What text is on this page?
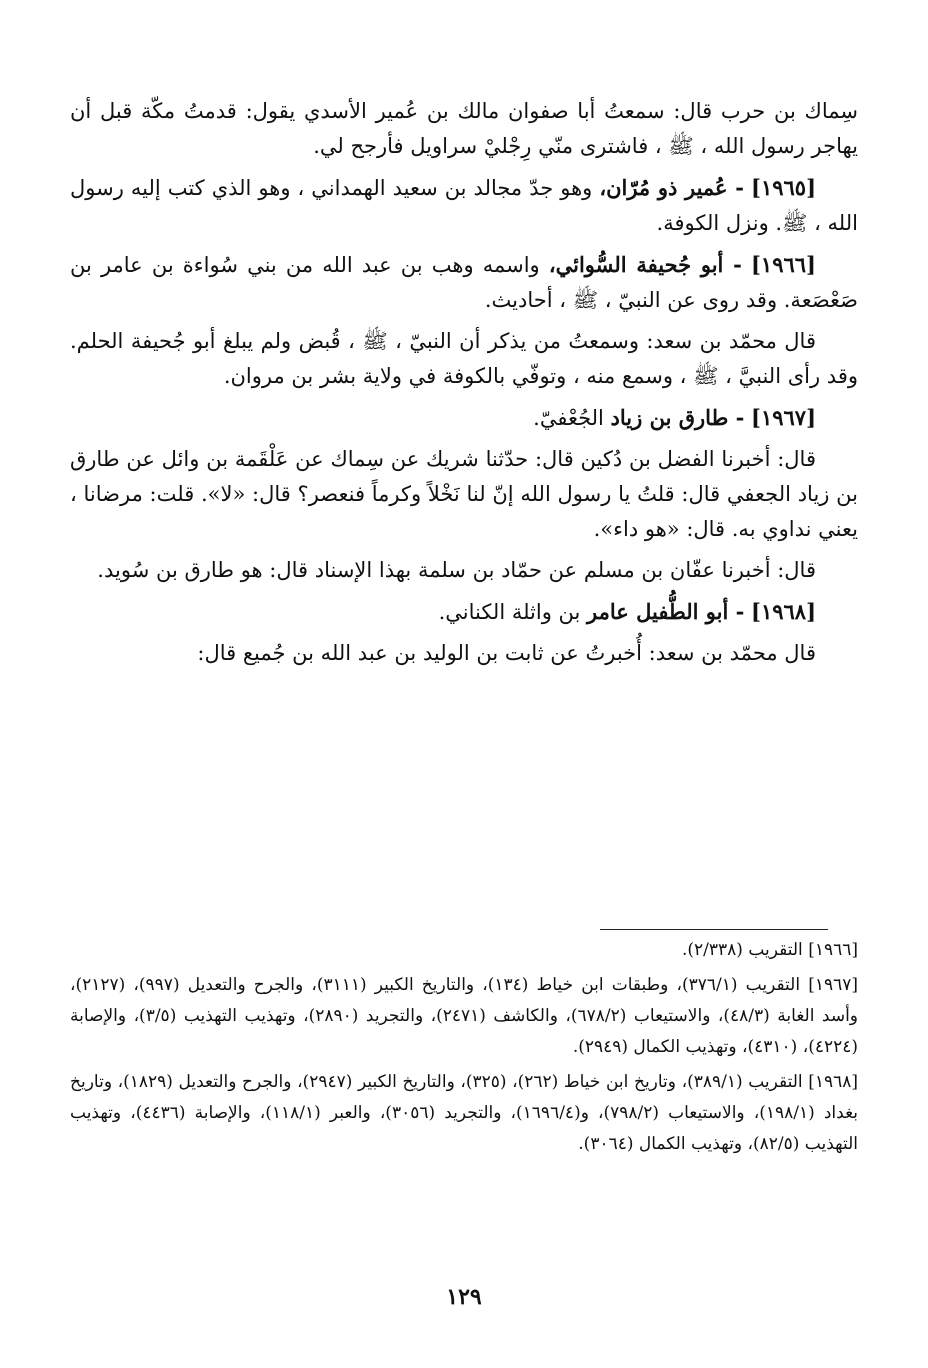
سِماك بن حرب قال: سمعتُ أبا صفوان مالك بن عُمير الأسدي يقول: قدمتُ مكّة قبل أن يهاجر رسول الله ، ﷺ ، فاشترى منّي رِجْليْ سراويل فأرجح لي.

[١٩٦٥] - عُمير ذو مُرّان، وهو جدّ مجالد بن سعيد الهمداني ، وهو الذي كتب إليه رسول الله ، ﷺ. ونزل الكوفة.

[١٩٦٦] - أبو جُحيفة السُّوائي، واسمه وهب بن عبد الله من بني سُواءة بن عامر بن صَعْصَعة. وقد روى عن النبيّ ، ﷺ ، أحاديث.

قال محمّد بن سعد: وسمعتُ من يذكر أن النبيّ ، ﷺ ، قُبض ولم يبلغ أبو جُحيفة الحلم. وقد رأى النبيَّ ، ﷺ ، وسمع منه ، وتوفّي بالكوفة في ولاية بشر بن مروان.

[١٩٦٧] - طارق بن زياد الجُعْفيّ.

قال: أخبرنا الفضل بن دُكين قال: حدّثنا شريك عن سِماك عن عَلْقَمة بن وائل عن طارق بن زياد الجعفي قال: قلتُ يا رسول الله إنّ لنا نَخْلاً وكرماً فنعصر؟ قال: «لا». قلت: مرضانا ، يعني نداوي به. قال: «هو داء».

قال: أخبرنا عفّان بن مسلم عن حمّاد بن سلمة بهذا الإسناد قال: هو طارق بن سُويد.

[١٩٦٨] - أبو الطُّفيل عامر بن واثلة الكناني.

قال محمّد بن سعد: أُخبرتُ عن ثابت بن الوليد بن عبد الله بن جُميع قال:

[١٩٦٦] التقريب (٢/٣٣٨).

[١٩٦٧] التقريب (٣٧٦/١)، وطبقات ابن خياط (١٣٤)، والتاريخ الكبير (٣١١١)، والجرح والتعديل (٩٩٧)، (٢١٢٧)، وأسد الغابة (٤٨/٣)، والاستيعاب (٦٧٨/٢)، والكاشف (٢٤٧١)، والتجريد (٢٨٩٠)، وتهذيب التهذيب (٣/٥)، والإصابة (٤٢٢٤)، (٤٣١٠)، وتهذيب الكمال (٢٩٤٩).

[١٩٦٨] التقريب (٣٨٩/١)، وتاريخ ابن خياط (٢٦٢)، (٣٢٥)، والتاريخ الكبير (٢٩٤٧)، والجرح والتعديل (١٨٢٩)، وتاريخ بغداد (١٩٨/١)، والاستيعاب (٧٩٨/٢)، و(١٦٩٦/٤)، والتجريد (٣٠٥٦)، والعبر (١١٨/١)، والإصابة (٤٤٣٦)، وتهذيب التهذيب (٨٢/٥)، وتهذيب الكمال (٣٠٦٤).

١٢٩
